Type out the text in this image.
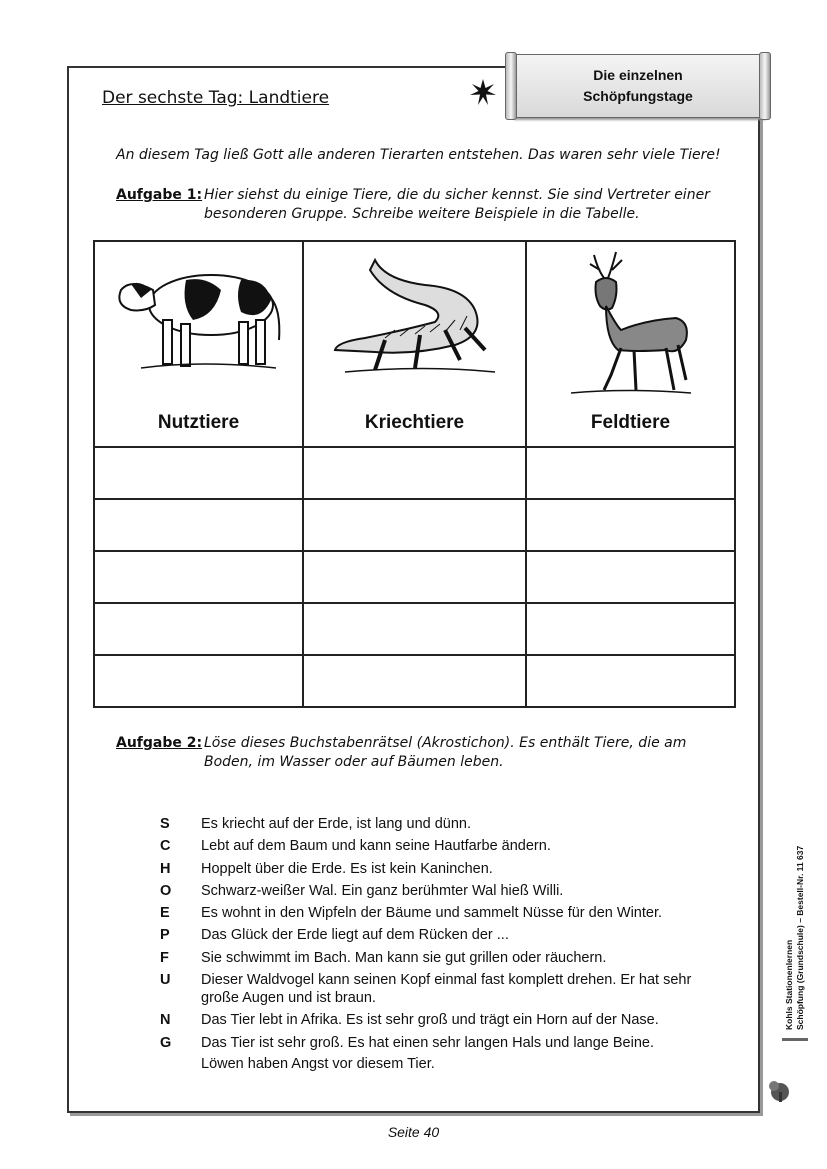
Die einzelnen
Schöpfungstage
Der sechste Tag: Landtiere
An diesem Tag ließ Gott alle anderen Tierarten entstehen. Das waren sehr viele Tiere!
Aufgabe 1: Hier siehst du einige Tiere, die du sicher kennst. Sie sind Vertreter einer besonderen Gruppe. Schreibe weitere Beispiele in die Tabelle.
Nutztiere	Kriechtiere	Feldtiere

Aufgabe 2: Löse dieses Buchstabenrätsel (Akrostichon). Es enthält Tiere, die am Boden, im Wasser oder auf Bäumen leben.
S	Es kriecht auf der Erde, ist lang und dünn.
C	Lebt auf dem Baum und kann seine Hautfarbe ändern.
H	Hoppelt über die Erde. Es ist kein Kaninchen.
O	Schwarz-weißer Wal. Ein ganz berühmter Wal hieß Willi.
E	Es wohnt in den Wipfeln der Bäume und sammelt Nüsse für den Winter.
P	Das Glück der Erde liegt auf dem Rücken der ...
F	Sie schwimmt im Bach. Man kann sie gut grillen oder räuchern.
U	Dieser Waldvogel kann seinen Kopf einmal fast komplett drehen. Er hat sehr große Augen und ist braun.
N	Das Tier lebt in Afrika. Es ist sehr groß und trägt ein Horn auf der Nase.
G	Das Tier ist sehr groß. Es hat einen sehr langen Hals und lange Beine.
Löwen haben Angst vor diesem Tier.
Kohls Stationenlernen Schöpfung (Grundschule) – Bestell-Nr. 11 637
Seite 40
